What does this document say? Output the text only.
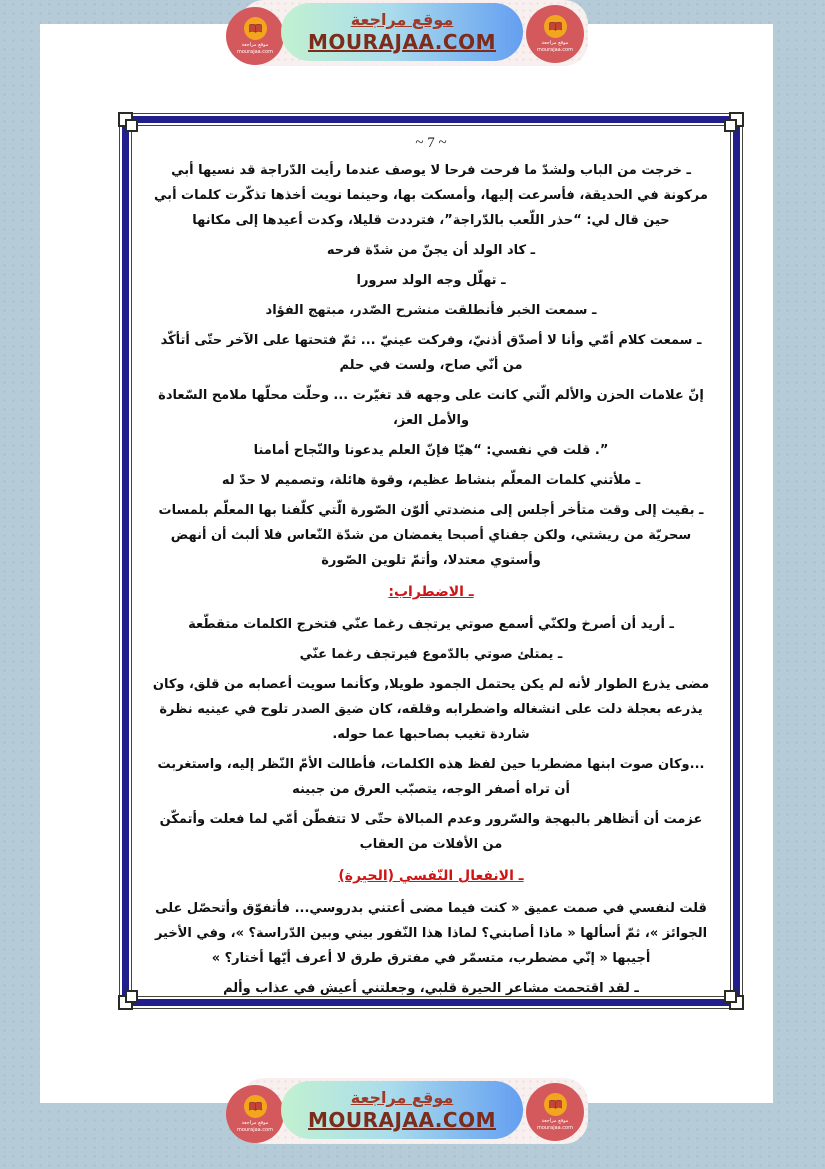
موقع مراجعة
mourajaa.com
موقع مراجعة
MOURAJAA.COM	موقع مراجعة
mourajaa.com
~ 7 ~

ـ خرجت من الباب ولشدّ ما فرحت فرحا لا يوصف عندما رأيت الدّراجة قد نسيها أبي مركونة في الحديقة، فأسرعت إليها، وأمسكت بها، وحينما نويت أخذها تذكّرت كلمات أبي حين قال لي: “حذر اللّعب بالدّراجة”، فترددت قليلا، وكدت أعيدها إلى مكانها

ـ كاد الولد أن يجنّ من شدّة فرحه

ـ تهلّل وجه الولد سرورا

ـ سمعت الخبر فأنطلقت منشرح الصّدر، مبتهج الفؤاد

ـ سمعت كلام أمّي وأنا لا أصدّق أذنيّ، وفركت عينيّ ... ثمّ فتحتها على الآخر حتّى أتأكّد من أنّي صاح، ولست في حلم

إنّ علامات الحزن والألم الّتي كانت على وجهه قد تغيّرت ... وحلّت محلّها ملامح السّعادة والأمل العز،

”. قلت في نفسي: “هيّا فإنّ العلم يدعونا والنّجاح أمامنا

ـ ملأتني كلمات المعلّم بنشاط عظيم، وقوة هائلة، وتصميم لا حدّ له

ـ بقيت إلى وقت متأخر أجلس إلى منضدتي ألوّن الصّورة الّتي كلّفنا بها المعلّم بلمسات سحريّة من ريشتي، ولكن جفناي أصبحا يغمضان من شدّة النّعاس فلا ألبث أن أنهض وأستوي معتدلا، وأتمّ تلوين الصّورة

ـ الاضطراب:

ـ أريد أن أصرخ ولكنّي أسمع صوتي يرتجف رغما عنّي فتخرج الكلمات متقطّعة

ـ يمتلئ صوتي بالدّموع فيرتجف رغما عنّي

مضى يذرع الطوار لأنه لم يكن يحتمل الجمود طويلا, وكأنما سويت أعصابه من قلق، وكان يذرعه بعجلة دلت على انشغاله واضطرابه وقلقه، كان ضيق الصدر تلوح في عينيه نظرة شاردة تغيب بصاحبها عما حوله.

...وكان صوت ابنها مضطربا حين لفظ هذه الكلمات، فأطالت الأمّ النّظر إليه، واستغربت أن تراه أصفر الوجه، يتصبّب العرق من جبينه

عزمت أن أتظاهر بالبهجة والسّرور وعدم المبالاة حتّى لا تتفطّن أمّي لما فعلت وأتمكّن من الأفلات من العقاب

ـ الانفعال النّفسي (الحيرة)

قلت لنفسي في صمت عميق « كنت فيما مضى أعتني بدروسي... فأتفوّق وأتحصّل على الجوائز »، ثمّ أسألها « ماذا أصابني؟ لماذا هذا النّفور بيني وبين الدّراسة؟ »، وفي الأخير أجيبها « إنّي مضطرب، متسمّر في مفترق طرق لا أعرف أيّها أختار؟ »

ـ لقد اقتحمت مشاعر الحيرة قلبي، وجعلتني أعيش في عذاب وألم

موقع مراجعة
mourajaa.com
موقع مراجعة
MOURAJAA.COM	موقع مراجعة
mourajaa.com
